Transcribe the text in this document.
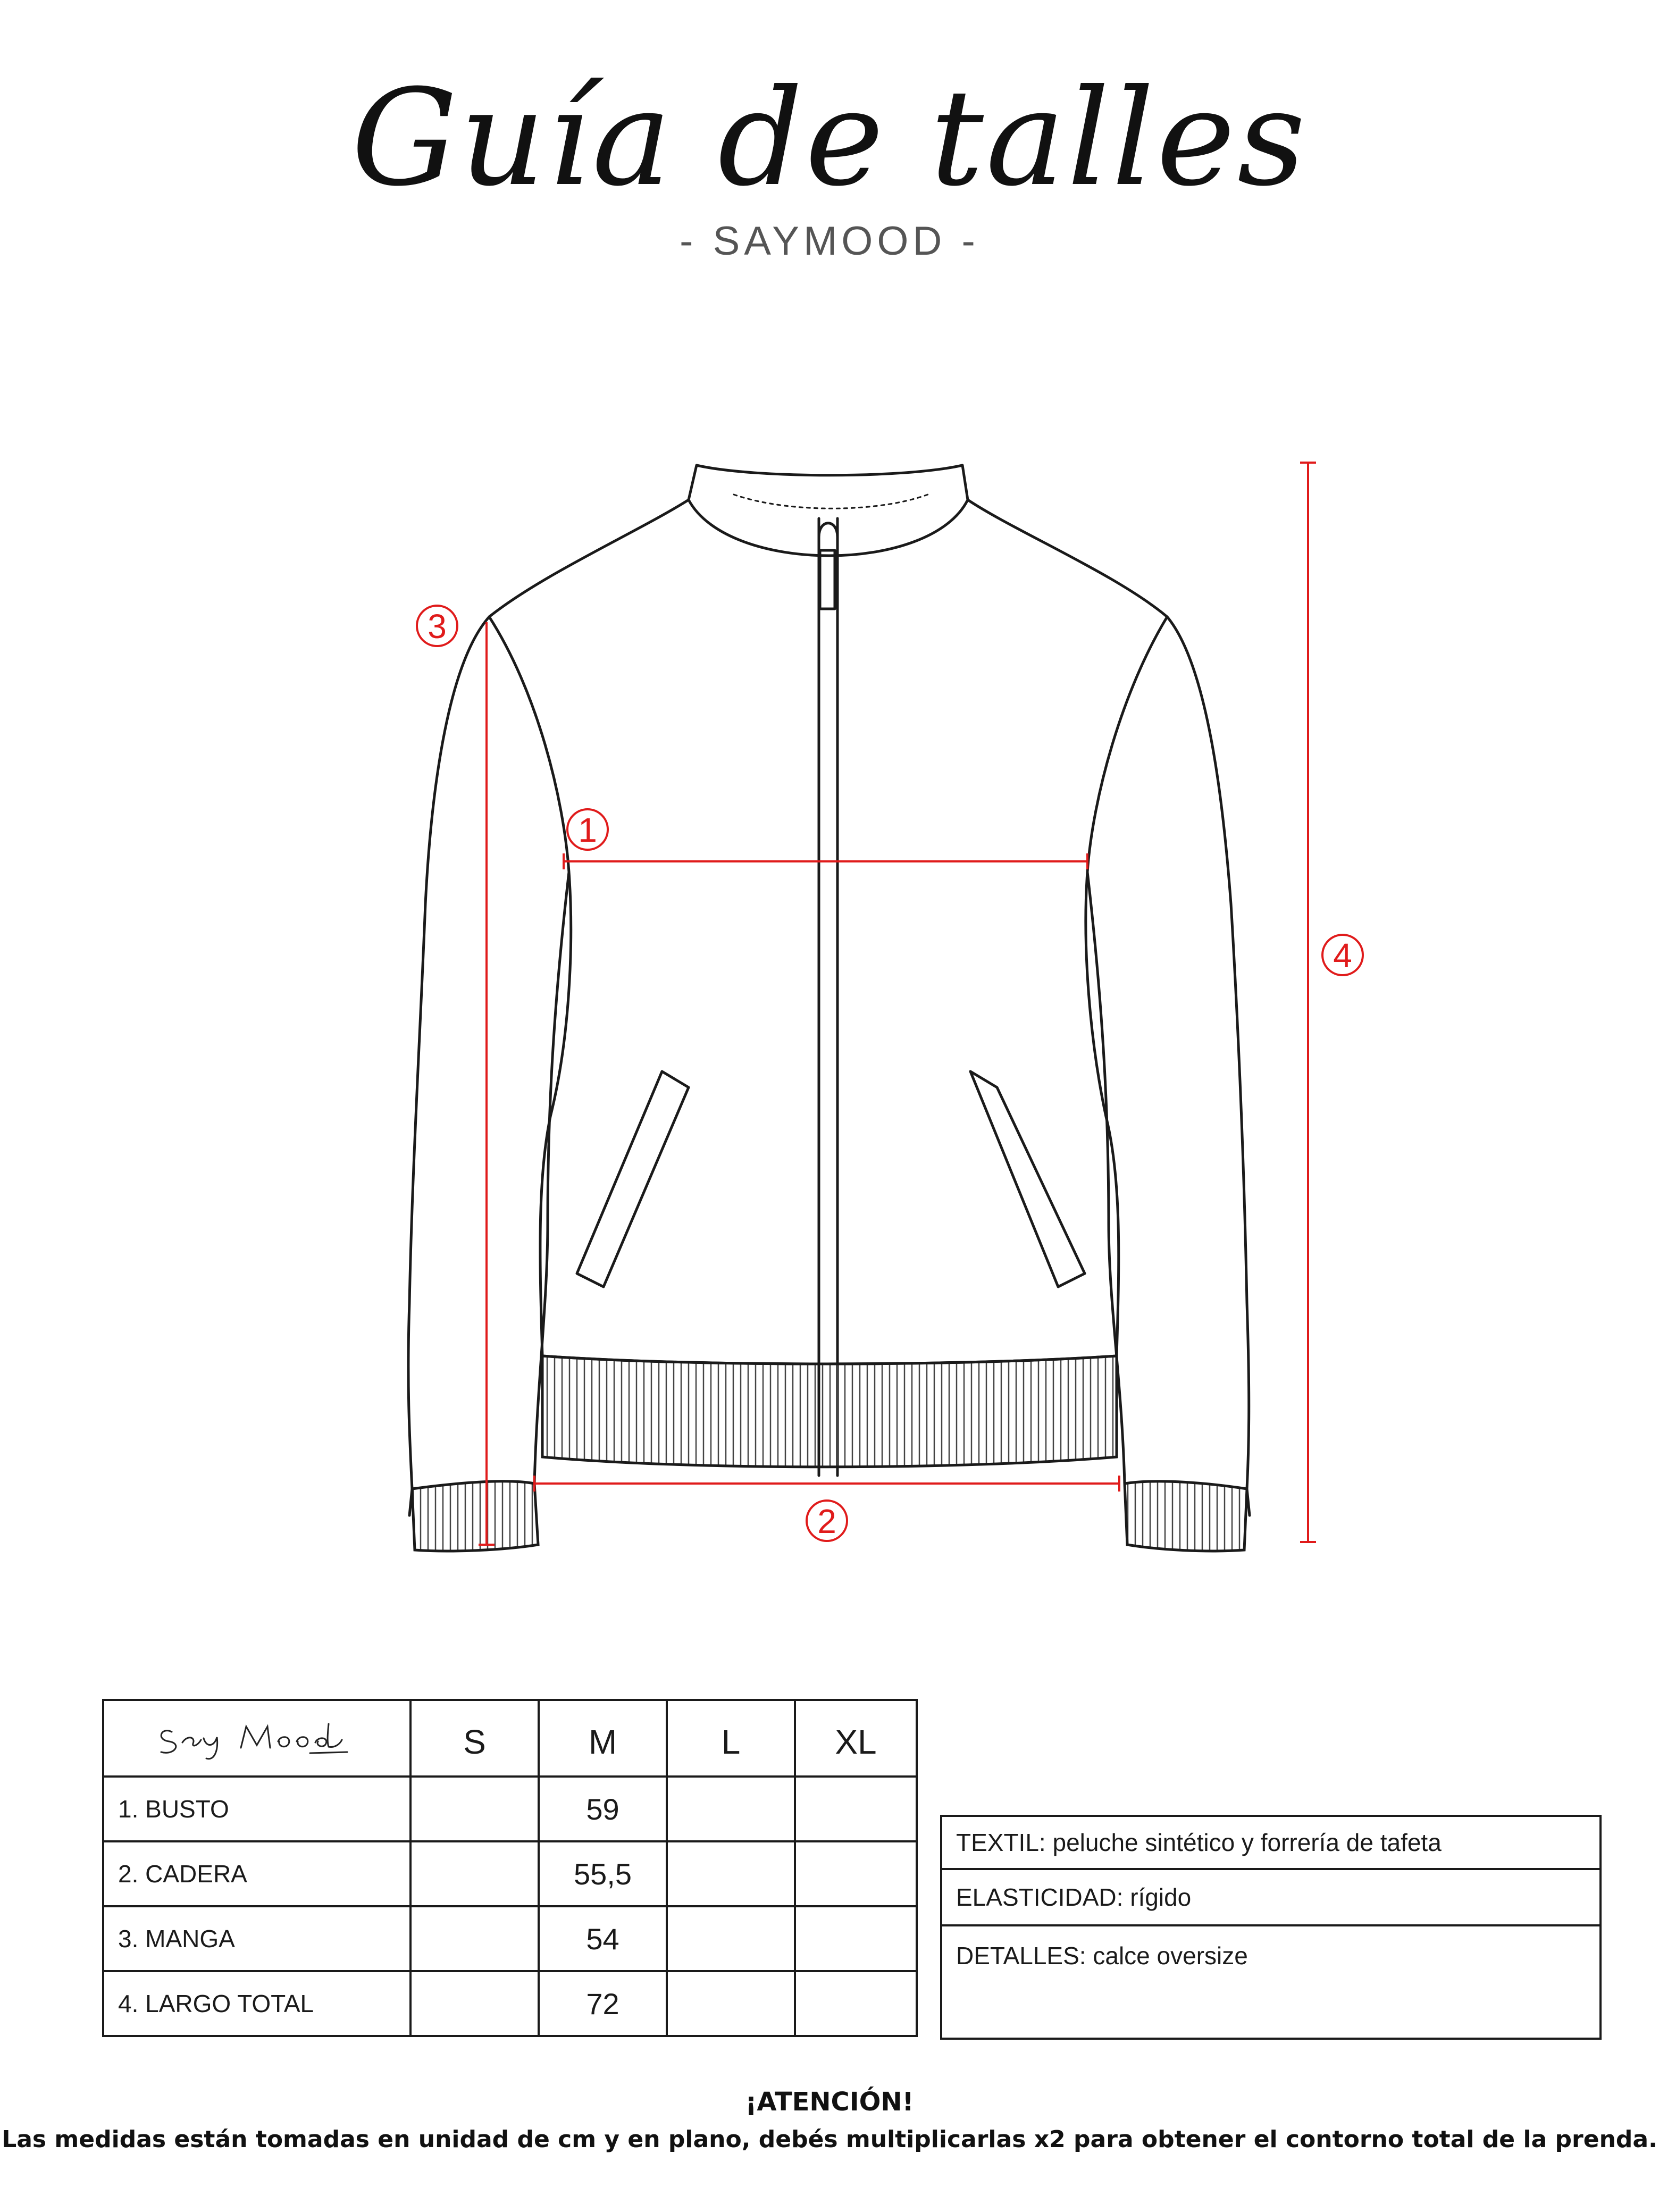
Guía de talles
- SAYMOOD -
1
2
3
4
	S	M	L	XL
1. BUSTO		59		
2. CADERA		55,5		
3. MANGA		54		
4. LARGO TOTAL		72		
TEXTIL: peluche sintético y forrería de tafeta
ELASTICIDAD: rígido
DETALLES: calce oversize
¡ATENCIÓN!
Las medidas están tomadas en unidad de cm y en plano, debés multiplicarlas x2 para obtener el contorno total de la prenda.
